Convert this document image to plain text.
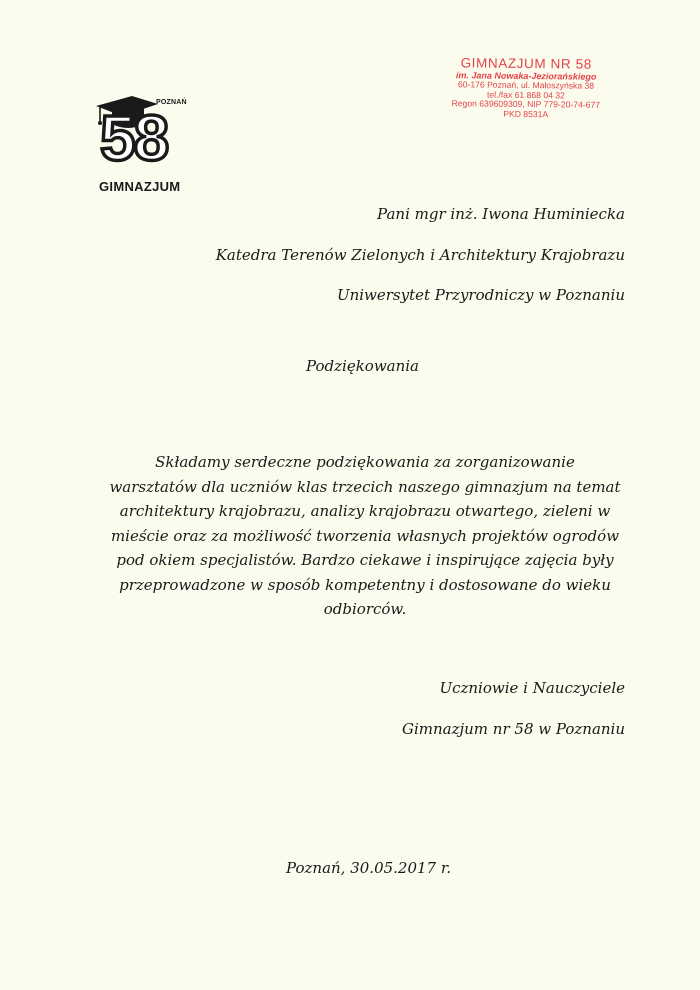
POZNAŃ
58
GIMNAZJUM
GIMNAZJUM NR 58
im. Jana Nowaka-Jeziorańskiego
60-176 Poznań, ul. Małoszyńska 38
tel./fax 61 868 04 32
Regon 639609309, NIP 779-20-74-677
PKD 8531A
Pani mgr inż. Iwona Huminiecka
Katedra Terenów Zielonych i Architektury Krajobrazu
Uniwersytet Przyrodniczy w Poznaniu
Podziękowania
Składamy serdeczne podziękowania za zorganizowanie
warsztatów dla uczniów klas trzecich naszego gimnazjum na temat
architektury krajobrazu, analizy krajobrazu otwartego, zieleni w
mieście oraz za możliwość tworzenia własnych projektów ogrodów
pod okiem specjalistów. Bardzo ciekawe i inspirujące zajęcia były
przeprowadzone w sposób kompetentny i dostosowane do wieku
odbiorców.
Uczniowie i Nauczyciele
Gimnazjum nr 58 w Poznaniu
Poznań, 30.05.2017 r.
